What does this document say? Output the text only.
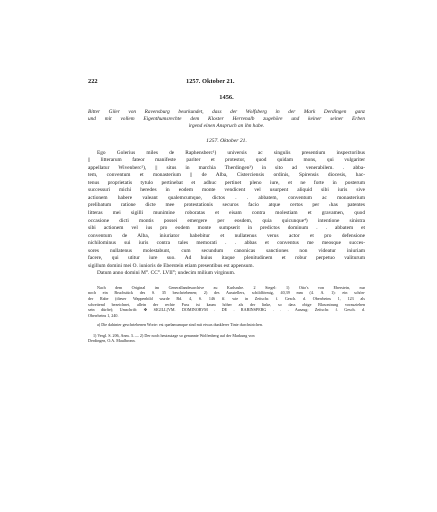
222	1257. Oktober 21.
1456.
Bitter Giler von Ravensburg beurkundet, dass der Wolfsberg in der Mark Derdingen ganz
und mit vollem Eigenthumsrechte dem Kloster Herrenalb zugehöre und keiner seiner Erben
irgend einen Anspruch an ihn habe.
1257. Oktober 21.
Ego Golerius miles de Raphensberc¹) universis ac singulis presentium inspectoribus
|| litterarum fateor manifeste pariter et protestor, quod quidam mons, qui vulgariter
appellatur Wivenberc²), || situs in marchia Therdingen³) in sito ad venerabilem. . abba-
tem, conventum et monasterium || de Alba, Cisterciensis ordinis, Spirensis diocesis, hac-
tenus proprietatis tytulo pertinebat et adhuc pertinet pleno iure, et ne forte in posterum
successuri michi heredes in eodem monte vendicent vel usurpent aliquid sibi iuris sive
actionem habere valeant qualemcumque, dictos . . abbatem, conventum ac monasterium
prelibatum ratione dicte mee protestationis securos facio atque certos per ‹has patentes
litteras mei sigilli munimine roboratas et eisam contra molestiam et gravamen, quod
occasione dicti montis possei emergere per eosdem, quia quicunque⁴) intentione sinistra
sibi actionem vel ius pro eodem monte sumpserit in predictos dominum . . abbatem et
conventum de Alba, iniuriator habebitur et nullatenus verus actor et pro defensione
nichilominus sui iuris contra tales memorati . . abbas et conventus me meosque succes-
sores nullatenus molestabunt, cum secundum canonicas sanctiones non videatur iniuriam
facere, qui utitur iure suo. Ad huius itaque plenitudinem et robur perpetuo valiturum
sigillum domini mei O. iunioris de Eberstein etiam presentibus est appensum.

Datum anno domini M°. CC°. LVII°; undecim milium virginum.

Nach dem Original im Generallandesarchive zu Karlsruhe. 2 Siegel: 1) Otto's von Eberstein, nur
noch ein Bruchstück des S. 35 beschriebenen; 2) des Ausstellers, schildförmig, 40,39 mm (4. A. 1): ein schön-
der Rabe (dieser Wappenbild wurde Bd. 4, S. 146 ff. wie in Zeitschr. f. Gesch. d. Oberrheins 1, 123 als
schreitend bezeichnet, allein der rechte Fuss ist kaum höher als der linke, so dass obige Blasonirung vorzuziehen
sein dürfte); Umschrift: ✠ SIGILL[VM. DOMINORVM . DE . RABINSPERG . . . Auszug: Zeitschr. f. Gesch. d.
Oberrheins 1, 240.
a) Die dahinter geschriebenen Worte: est quelamumque sind mit etwas dunklerer Tinte durchstrichen.
1) Vergl. S. 206, Anm. 3. — 2) Der noch heutzutage so genannte Wolfenberg auf der Markung von
Derdingen, O.A. Maulbronn.
